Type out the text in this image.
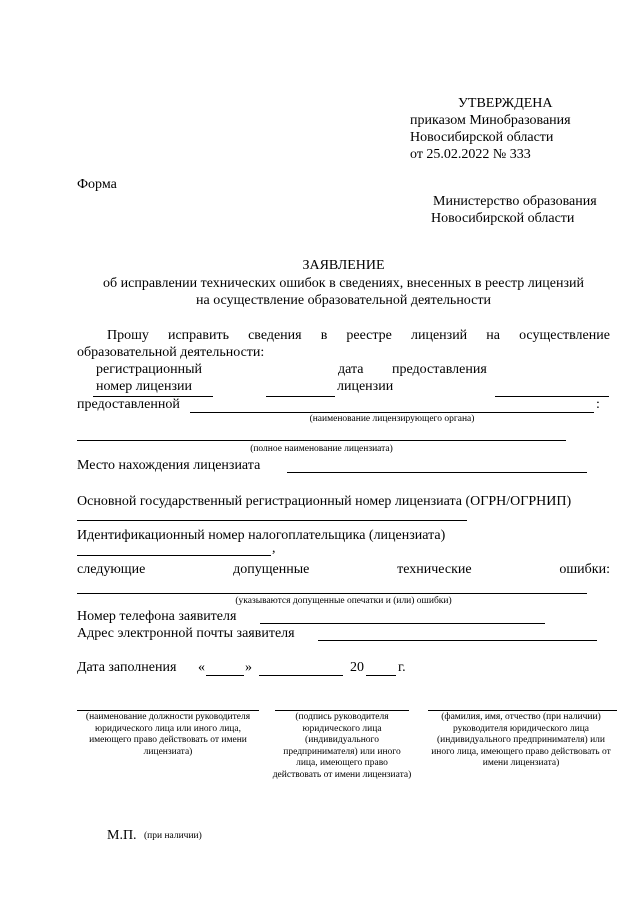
УТВЕРЖДЕНА
приказом Минобразования
Новосибирской области
от 25.02.2022 № 333
Форма
Министерство образования
Новосибирской области
ЗАЯВЛЕНИЕ
об исправлении технических ошибок в сведениях, внесенных в реестр лицензий
на осуществление образовательной деятельности
Прошу исправить сведения в реестре лицензий на осуществление
образовательной деятельности:
регистрационный	дата предоставления
номер лицензии	лицензии
предоставленной	:
(наименование лицензирующего органа)
(полное наименование лицензиата)
Место нахождения лицензиата
Основной государственный регистрационный номер лицензиата (ОГРН/ОГРНИП)
Идентификационный номер налогоплательщика (лицензиата)
,
следующие	допущенные	технические	ошибки:
(указываются допущенные опечатки и (или) ошибки)
Номер телефона заявителя
Адрес электронной почты заявителя
Дата заполнения «	»	20 г.
(наименование должности руководителя юридического лица или иного лица, имеющего право действовать от имени лицензиата)
(подпись руководителя юридического лица (индивидуального предпринимателя) или иного лица, имеющего право действовать от имени лицензиата)
(фамилия, имя, отчество (при наличии) руководителя юридического лица (индивидуального предпринимателя) или иного лица, имеющего право действовать от имени лицензиата)
М.П. (при наличии)
